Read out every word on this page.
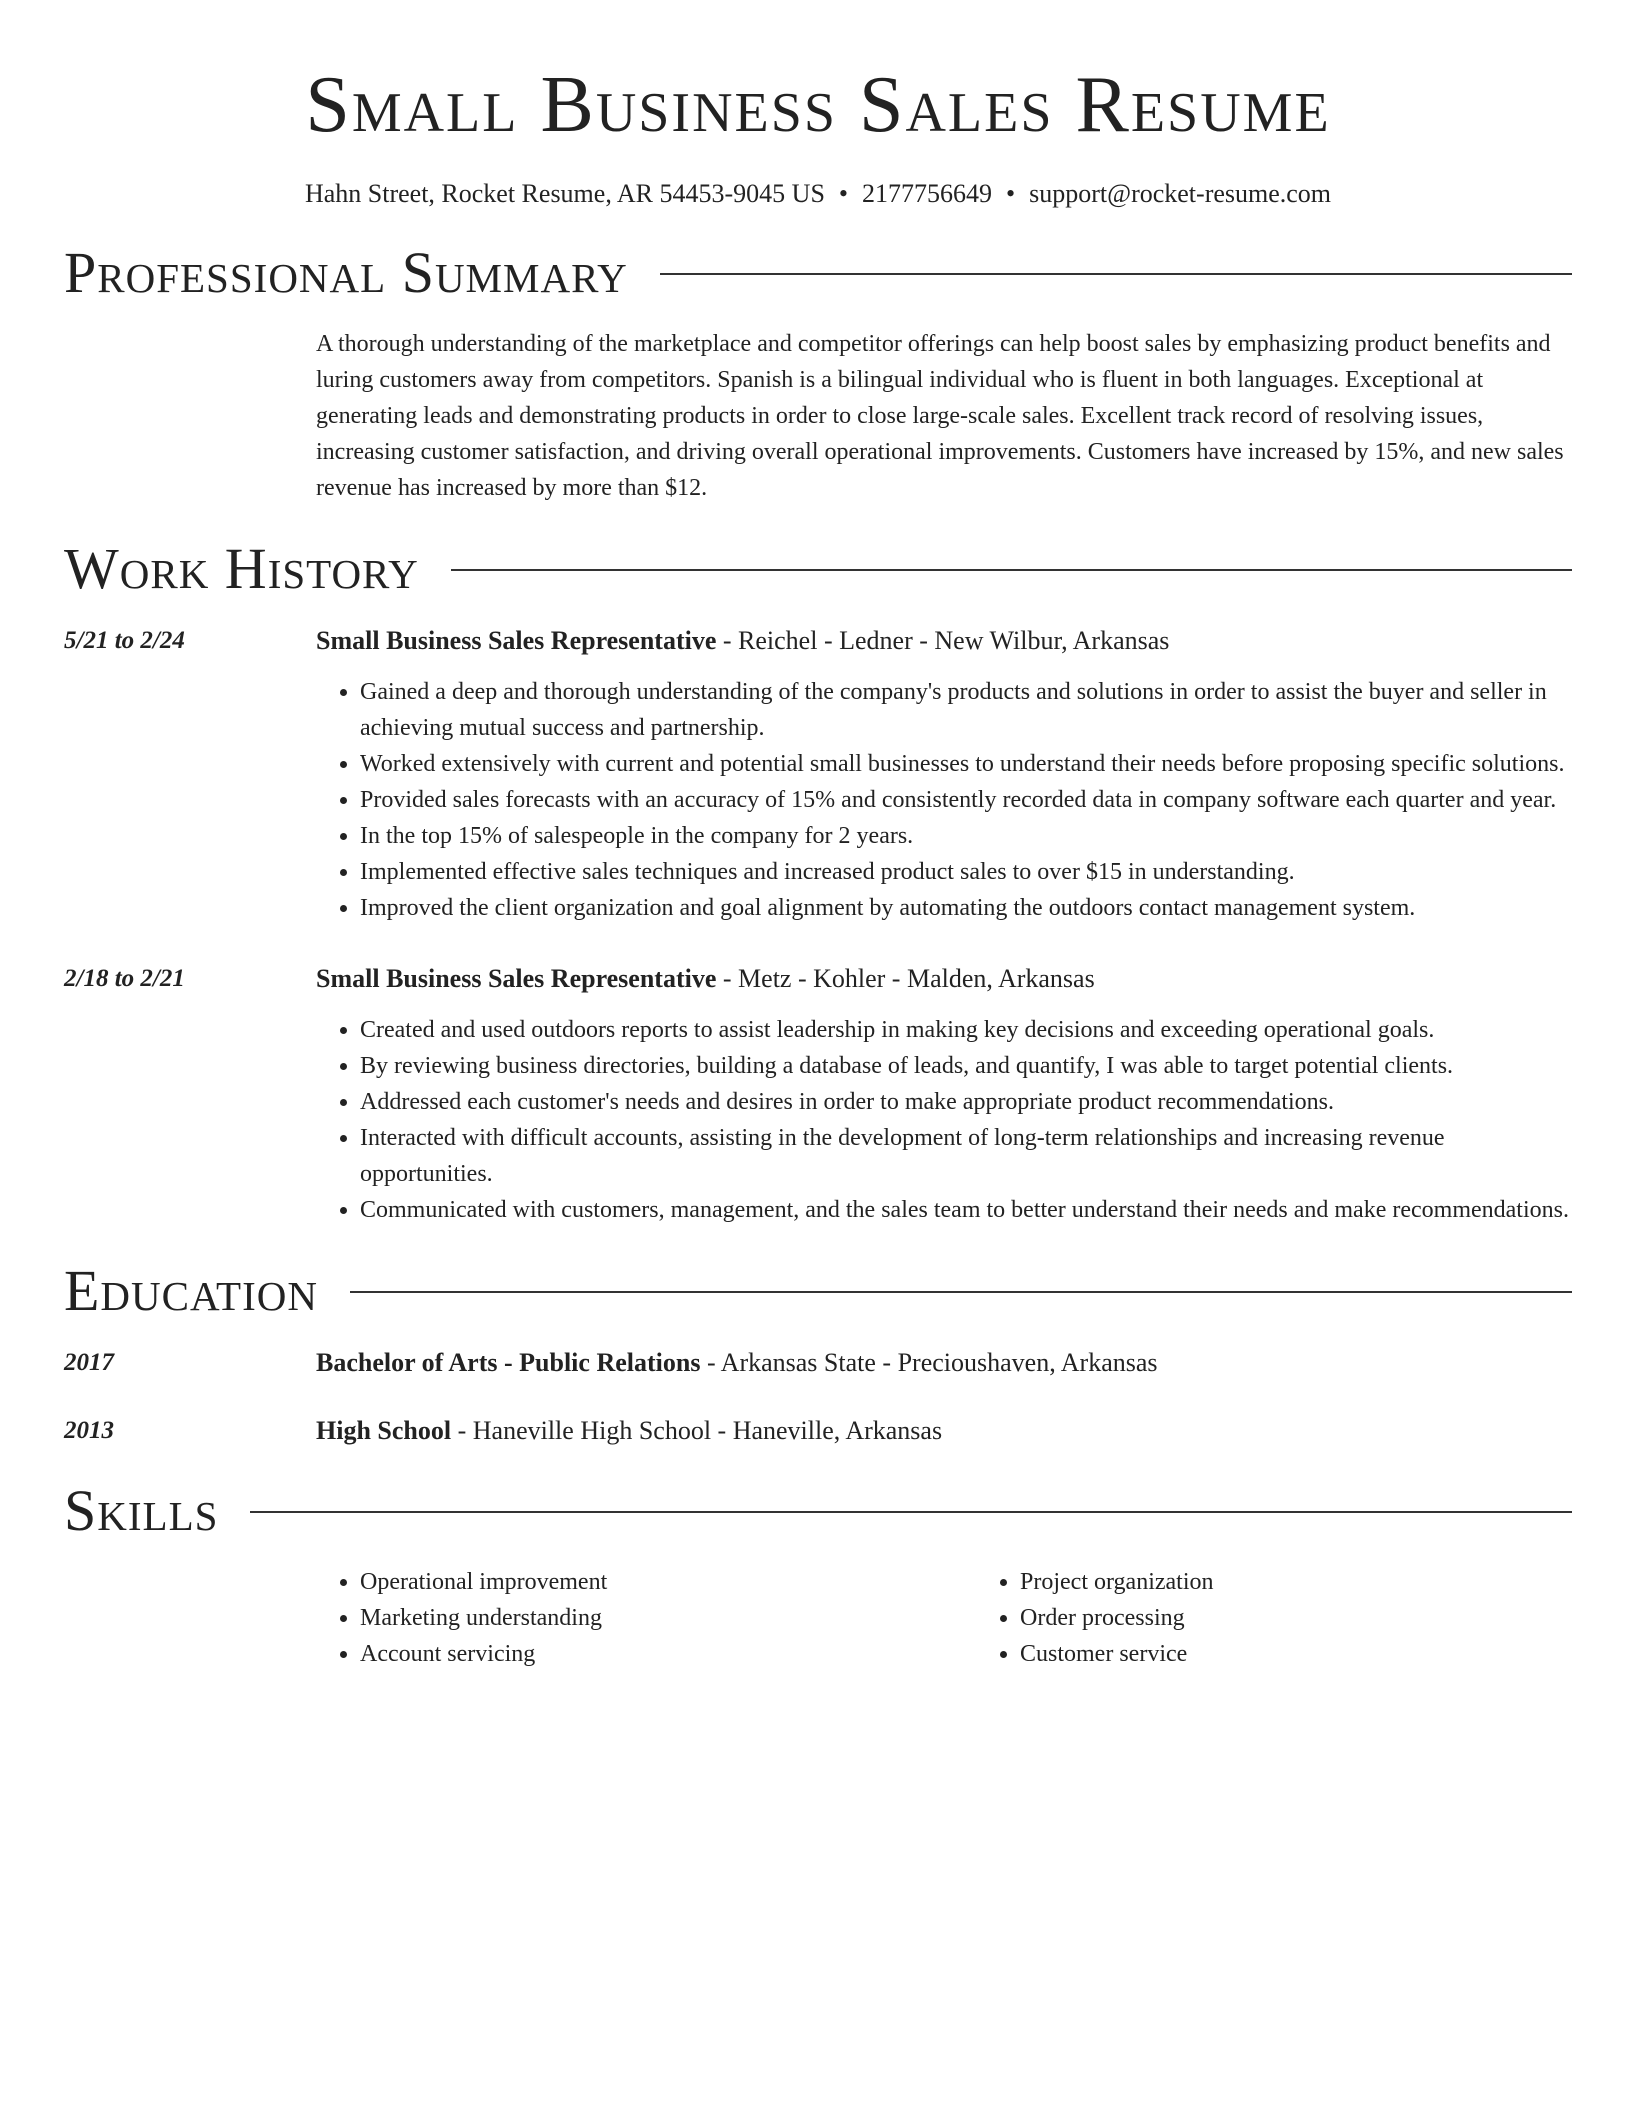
Small Business Sales Resume
Hahn Street, Rocket Resume, AR 54453-9045 US • 2177756649 • support@rocket-resume.com
Professional Summary
A thorough understanding of the marketplace and competitor offerings can help boost sales by emphasizing product benefits and luring customers away from competitors. Spanish is a bilingual individual who is fluent in both languages. Exceptional at generating leads and demonstrating products in order to close large-scale sales. Excellent track record of resolving issues, increasing customer satisfaction, and driving overall operational improvements. Customers have increased by 15%, and new sales revenue has increased by more than $12.
Work History
5/21 to 2/24	Small Business Sales Representative - Reichel - Ledner - New Wilbur, Arkansas
• Gained a deep and thorough understanding of the company's products and solutions in order to assist the buyer and seller in achieving mutual success and partnership.
• Worked extensively with current and potential small businesses to understand their needs before proposing specific solutions.
• Provided sales forecasts with an accuracy of 15% and consistently recorded data in company software each quarter and year.
• In the top 15% of salespeople in the company for 2 years.
• Implemented effective sales techniques and increased product sales to over $15 in understanding.
• Improved the client organization and goal alignment by automating the outdoors contact management system.
2/18 to 2/21	Small Business Sales Representative - Metz - Kohler - Malden, Arkansas
• Created and used outdoors reports to assist leadership in making key decisions and exceeding operational goals.
• By reviewing business directories, building a database of leads, and quantify, I was able to target potential clients.
• Addressed each customer's needs and desires in order to make appropriate product recommendations.
• Interacted with difficult accounts, assisting in the development of long-term relationships and increasing revenue opportunities.
• Communicated with customers, management, and the sales team to better understand their needs and make recommendations.
Education
2017	Bachelor of Arts - Public Relations - Arkansas State - Precioushaven, Arkansas
2013	High School - Haneville High School - Haneville, Arkansas
Skills
• Operational improvement
• Marketing understanding
• Account servicing
• Project organization
• Order processing
• Customer service
